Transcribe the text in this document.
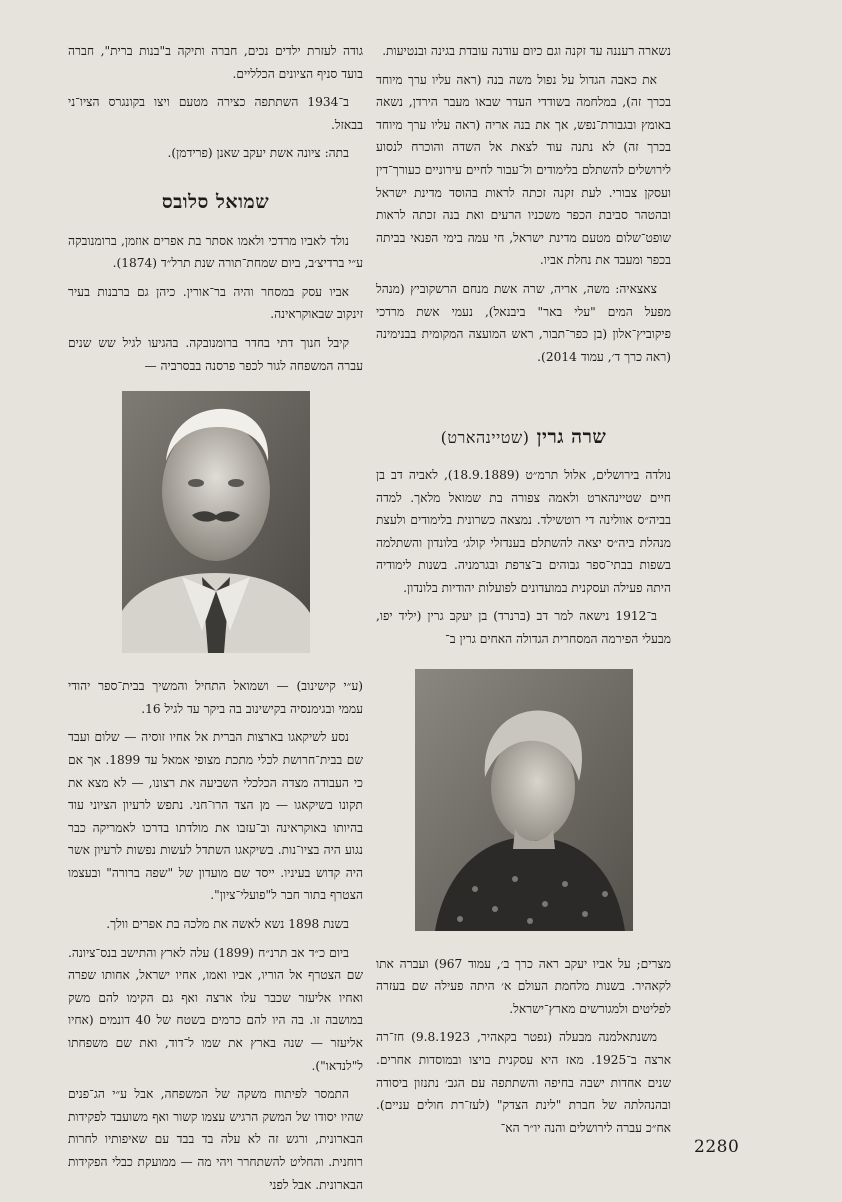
נשארה רעננה עד זקנה וגם כיום עודנה עובדת בגינה ובנטיעות.

את כאבה הגדול על נפול משה בנה (ראה עליו ערך מיוחד בכרך זה), במלחמה בשודדי העדר שבאו מעבר הירדן, נשאה באומץ ובגבורת־נפש, אך את בנה אריה (ראה עליו ערך מיוחד בכרך זה) לא נתנה עוד לצאת אל השדה והוכרח לנסוע לירושלים להשתלם בלימודים ול־עבור לחיים עירוניים כעורך־דין ועסקן צבורי. לעת זקנה זכתה לראות בהוסד מדינת ישראל ובהטהר סביבת הכפר משכניו הרעים ואת בנה זכתה לראות שופט־שלום מטעם מדינת ישראל, חי עמה בימי הפנאי בביתה בכפר ומעבד את נחלת אביו.

צאצאיה: משה, אריה, שרה אשת מנחם הרשקוביץ (מנהל מפעל המים "עלי באר" ביבנאל), נעמי אשת מרדכי פיקוביץ־אלון (בן כפר־תבור, ראש המועצה המקומית בבנימינה (ראה כרך ד׳, עמוד 2014).

שרה גרין (שטיינהארט)

נולדה בירושלים, אלול תרמ״ט (18.9.1889), לאביה דב בן חיים שטיינהארט ולאמה צפורה בת שמואל מלאך. למדה בביה״ס אוולינה די רוטשילד. נמצאה כשרונית בלימודים ולעצת מנהלת ביה״ס יצאה להשתלם בענדזלי קולג׳ בלונדון והשתלמה בשפות בבתי־ספר גבוהים ב־צרפת ובגרמניה. בשנות לימודיה היתה פעילה ועסקנית במועדונים לפועלות יהודיות בלונדון.

ב־1912 נישאה למר דב (ברנרד) בן יעקב גרין (יליד יפו, מבעלי הפירמה המסחרית הגדולה האחים גרין ב־

מצרים; על אביו יעקב ראה כרך ב׳, עמוד 967) ועברה אתו לקאהיר. בשנות מלחמת העולם א׳ היתה פעילה שם בעזרה לפליטים ולמגורשים מארץ־ישראל.

משנתאלמנה מבעלה (נפטר בקאהיר, 9.8.1923) חז־רה ארצה ב־1925. מאז היא עסקנית בויצו ובמוסדות אחרים. שנים אחדות ישבה בחיפה והשתתפה עם הגב׳ נתנזון ביסודה ובהנהלתה של חברת "לינת הצדק" (לעז־רת חולים עניים). אח״כ עברה לירושלים והנה יו״ר הא־

גודה לעזרת ילדים נכים, חברה ותיקה ב"בנות ברית", חברה בועד סניף הציונים הכלליים.

ב־1934 השתתפה כצירה מטעם ויצו בקונגרס הציו־ני בבאזל.

בתה: ציונה אשת יעקב שאנן (פרידמן).

שמואל סלובס

נולד לאביו מרדכי ולאמו אסתר בת אפרים אוזמן, ברומנובקה ע״י ברדיצ׳ב, ביום שמחת־תורה שנת תרל״ד (1874).

אביו עסק במסחר והיה בר־אורין. כיהן גם ברבנות בעיר זינקוב שבאוקראינה.

קיבל חנוך דתי בחדר ברומנובקה. בהגיעו לגיל שש שנים עברה המשפחה לגור לכפר פרסנה בבסרביה —

(ע״י קישינוב) — ושמואל התחיל והמשיך בבית־ספר יהודי עממי ובגימנסיה בקישינוב בה ביקר עד לגיל 16.

נסע לשיקאגו בארצות הברית אל אחיו זוסיה — שלום ועבד שם בבית־חרושת לכלי מתכת מצופי אמאל עד 1899. אך אם כי העבודה מצדה הכלכלי השביעה את רצונו, — לא מצא את תקונו בשיקאגו — מן הצד הרו־חני. נתפש לרעיון הציוני עוד בהיותו באוקראינה וב־עזבו את מולדתו בדרכו לאמריקה כבר נגוע היה בציו־נות. בשיקאגו השתדל לעשות נפשות לרעיון אשר היה קדוש בעיניו. ייסד שם מועדון של "שפה ברורה" ובעצמו הצטרף בתור חבר ל"פועלי־ציון".

בשנת 1898 נשא לאשה את מלכה בת אפרים וולך.

ביום כ״ד אב תרנ״ח (1899) עלה לארץ והתישב בנס־ציונה. שם הצטרף אל הוריו, אביו ואמו, אחיו ישראל, אחותו שפרה ואחיו אליעזר שכבר עלו ארצה ואף גם הקימו להם משק במושבה זו. בה היו להם כרמים בשטח של 40 דונמים (אחיו אליעזר — שנה בארץ את שמו ל־דוד, ואת שם משפחתו ל"לנדאו").

התמסר לפיתוח משקה של המשפחה, אבל ע״י הג־פנים שהיו יסודו של המשק הרגיש עצמו קשור ואף משועבד לפקידות הבארונית, ורגש זה לא עלה בד בבד עם שאיפותיו לחרות רוחנית. והחליט להשתחרר ויהי מה — ממועקת כבלי הפקידות הבארונית. אבל לפני

2280
